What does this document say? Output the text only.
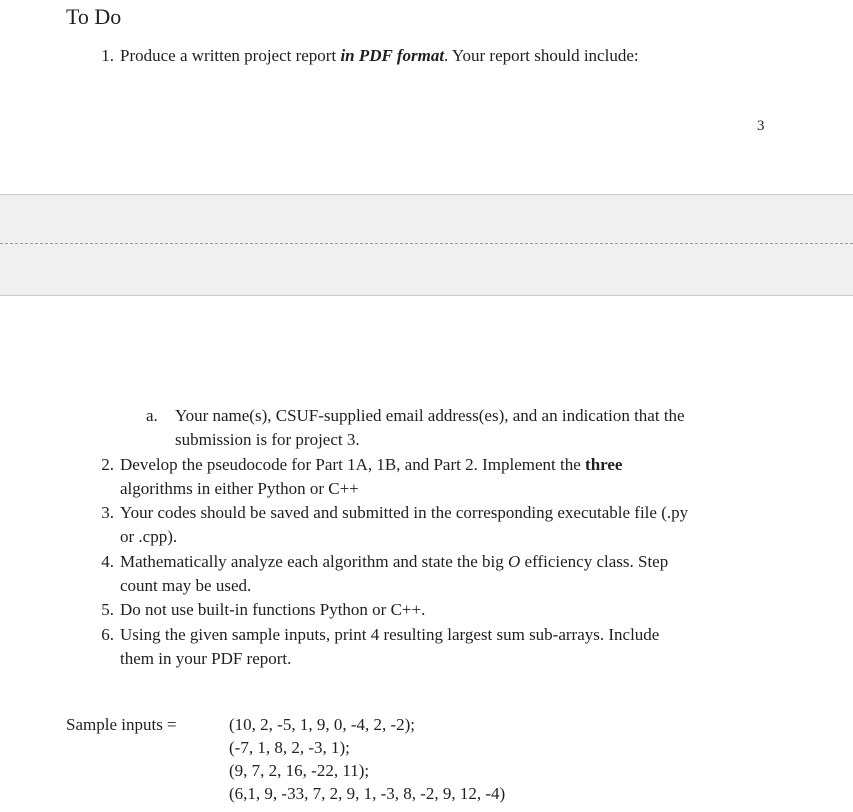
To Do
1. Produce a written project report in PDF format. Your report should include:
3
a. Your name(s), CSUF-supplied email address(es), and an indication that the
submission is for project 3.
2. Develop the pseudocode for Part 1A, 1B, and Part 2. Implement the three
algorithms in either Python or C++
3. Your codes should be saved and submitted in the corresponding executable file (.py
or .cpp).
4. Mathematically analyze each algorithm and state the big O efficiency class. Step
count may be used.
5. Do not use built-in functions Python or C++.
6. Using the given sample inputs, print 4 resulting largest sum sub-arrays. Include
them in your PDF report.
Sample inputs =	(10, 2, -5, 1, 9, 0, -4, 2, -2);
(-7, 1, 8, 2, -3, 1);
(9, 7, 2, 16, -22, 11);
(6,1, 9, -33, 7, 2, 9, 1, -3, 8, -2, 9, 12, -4)
